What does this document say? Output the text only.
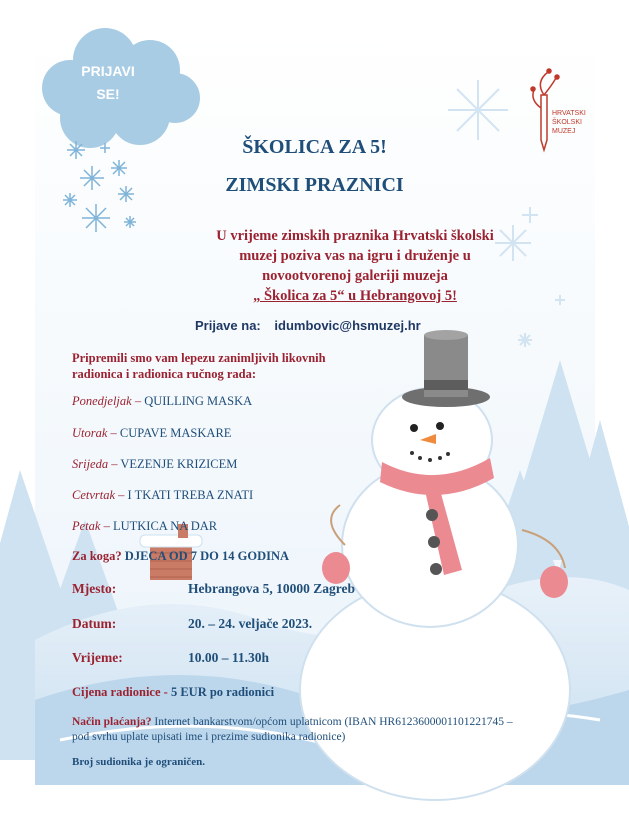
PRIJAVI
SE!
HRVATSKI
ŠKOLSKI
MUZEJ
ŠKOLICA ZA 5!
ZIMSKI PRAZNICI
U vrijeme zimskih praznika Hrvatski školski
muzej poziva vas na igru i druženje u
novootvorenoj galeriji muzeja
„ Školica za 5“ u Hebrangovoj 5!
Prijave na: idumbovic@hsmuzej.hr
Pripremili smo vam lepezu zanimljivih likovnih
radionica i radionica ručnog rada:
Ponedjeljak – QUILLING MASKA
Utorak – CUPAVE MASKARE
Srijeda – VEZENJE KRIZICEM
Cetvrtak – I TKATI TREBA ZNATI
Petak – LUTKICA NA DAR
Za koga? DJECA OD 7 DO 14 GODINA
Mjesto:	Hebrangova 5, 10000 Zagreb
Datum:	20. – 24. veljače 2023.
Vrijeme:	10.00 – 11.30h
Cijena radionice - 5 EUR po radionici
Način plaćanja? Internet bankarstvom/općom uplatnicom (IBAN HR6123600001101221745 –
pod svrhu uplate upisati ime i prezime sudionika radionice)
Broj sudionika je ograničen.
